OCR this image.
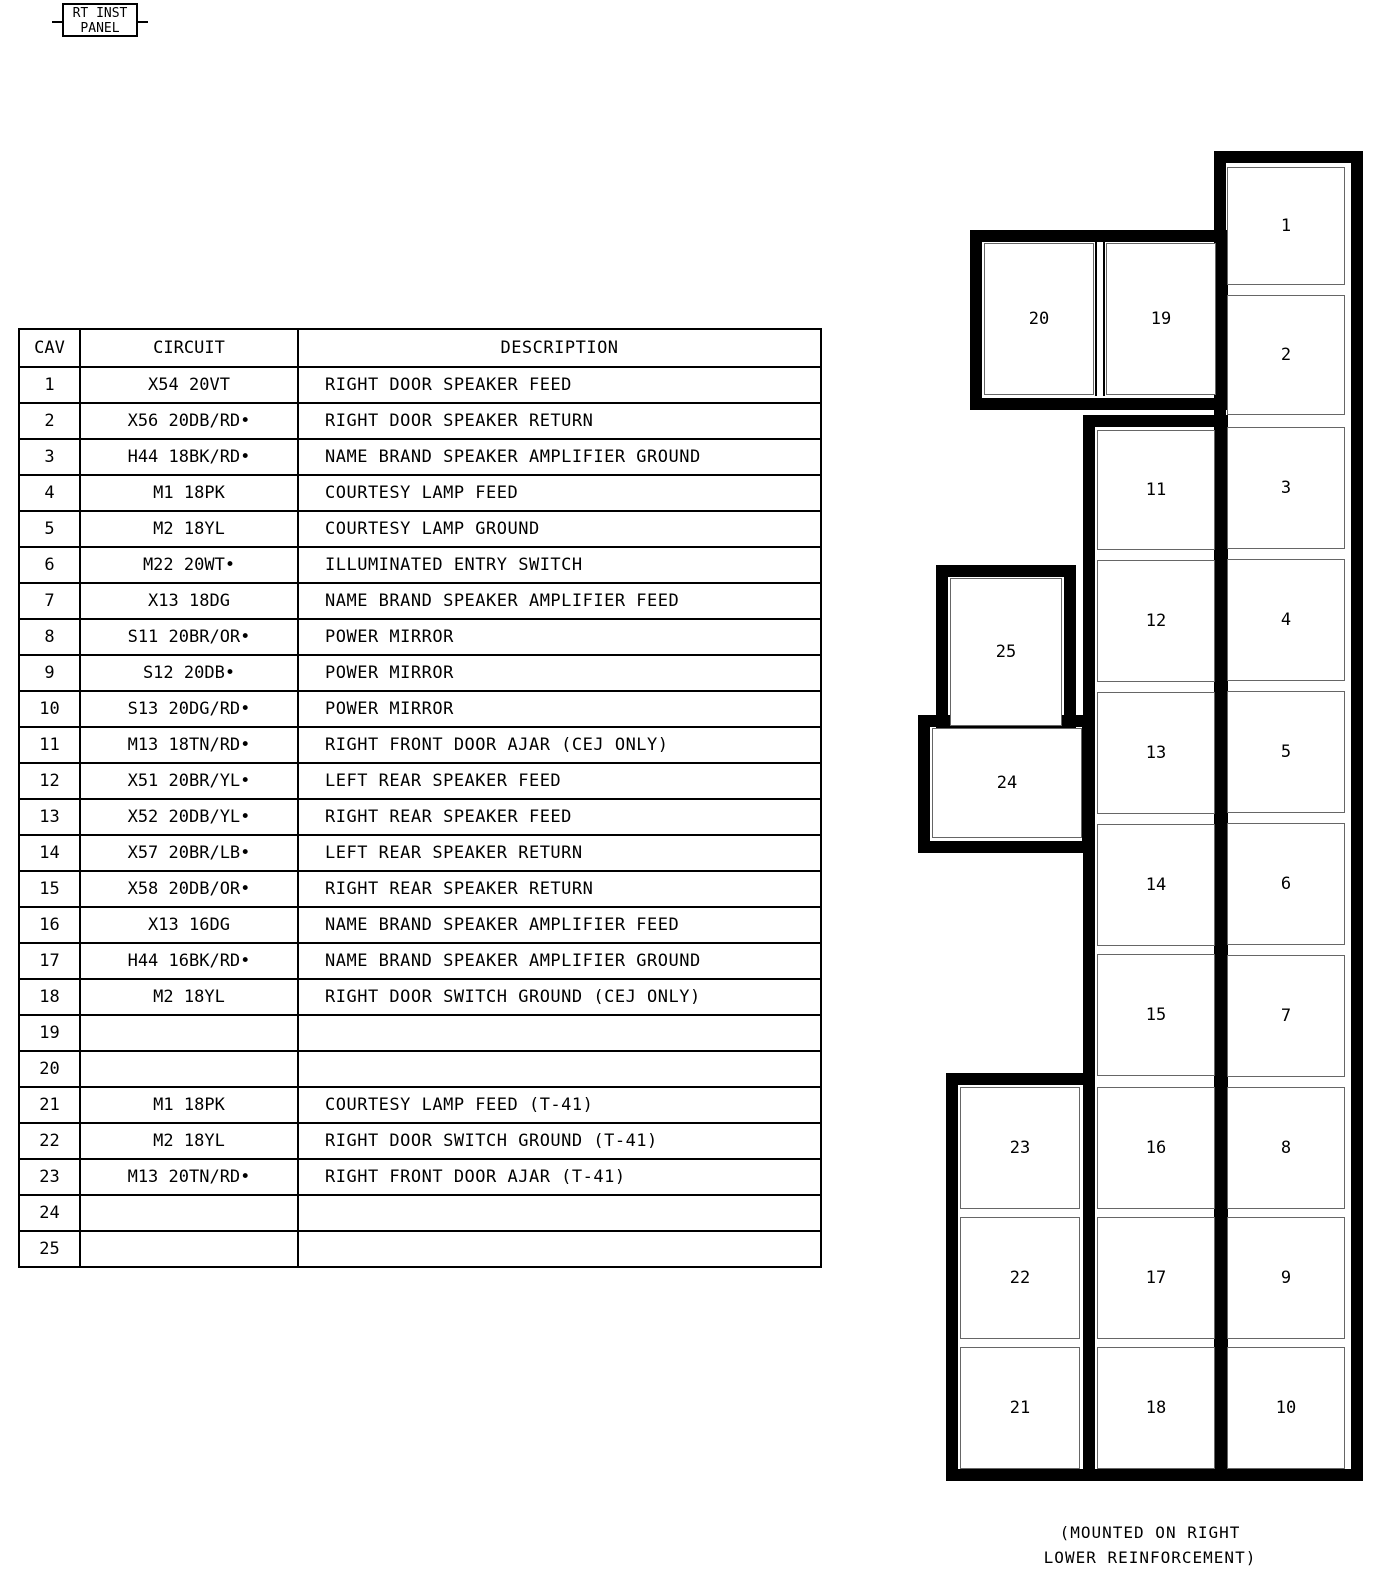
RT INST
PANEL
CAV	CIRCUIT	DESCRIPTION
1	X54 20VT	RIGHT DOOR SPEAKER FEED
2	X56 20DB/RD•	RIGHT DOOR SPEAKER RETURN
3	H44 18BK/RD•	NAME BRAND SPEAKER AMPLIFIER GROUND
4	M1 18PK	COURTESY LAMP FEED
5	M2 18YL	COURTESY LAMP GROUND
6	M22 20WT•	ILLUMINATED ENTRY SWITCH
7	X13 18DG	NAME BRAND SPEAKER AMPLIFIER FEED
8	S11 20BR/OR•	POWER MIRROR
9	S12 20DB•	POWER MIRROR
10	S13 20DG/RD•	POWER MIRROR
11	M13 18TN/RD•	RIGHT FRONT DOOR AJAR (CEJ ONLY)
12	X51 20BR/YL•	LEFT REAR SPEAKER FEED
13	X52 20DB/YL•	RIGHT REAR SPEAKER FEED
14	X57 20BR/LB•	LEFT REAR SPEAKER RETURN
15	X58 20DB/OR•	RIGHT REAR SPEAKER RETURN
16	X13 16DG	NAME BRAND SPEAKER AMPLIFIER FEED
17	H44 16BK/RD•	NAME BRAND SPEAKER AMPLIFIER GROUND
18	M2 18YL	RIGHT DOOR SWITCH GROUND (CEJ ONLY)
19		
20		
21	M1 18PK	COURTESY LAMP FEED (T-41)
22	M2 18YL	RIGHT DOOR SWITCH GROUND (T-41)
23	M13 20TN/RD•	RIGHT FRONT DOOR AJAR (T-41)
24		
25		
1
2
3
4
5
6
7
8
9
10
11
12
13
14
15
16
17
18
19
20
21
22
23
24
25
(MOUNTED ON RIGHT
LOWER REINFORCEMENT)
